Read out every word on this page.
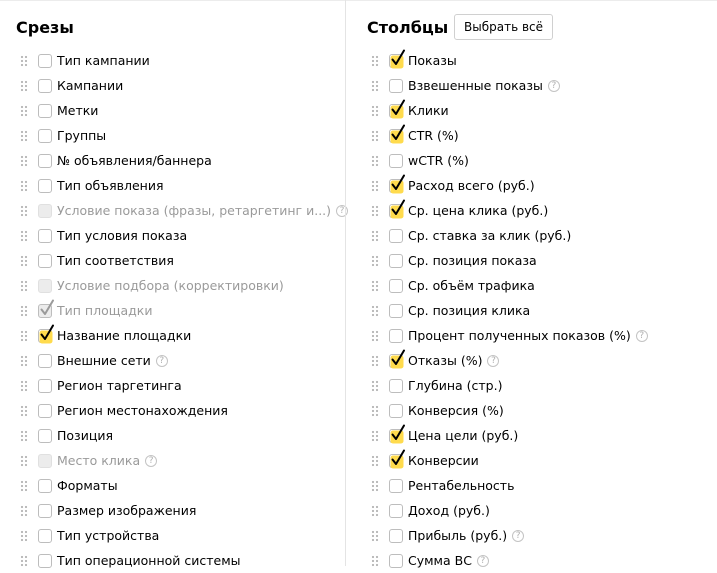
Срезы
Тип кампании
Кампании
Метки
Группы
№ объявления/баннера
Тип объявления
Условие показа (фразы, ретаргетинг и...) ?
Тип условия показа
Тип соответствия
Условие подбора (корректировки)
Тип площадки
Название площадки
Внешние сети ?
Регион таргетинга
Регион местонахождения
Позиция
Место клика ?
Форматы
Размер изображения
Тип устройства
Тип операционной системы
Столбцы	Выбрать всё
Показы
Взвешенные показы ?
Клики
CTR (%)
wCTR (%)
Расход всего (руб.)
Ср. цена клика (руб.)
Ср. ставка за клик (руб.)
Ср. позиция показа
Ср. объём трафика
Ср. позиция клика
Процент полученных показов (%) ?
Отказы (%) ?
Глубина (стр.)
Конверсия (%)
Цена цели (руб.)
Конверсии
Рентабельность
Доход (руб.)
Прибыль (руб.) ?
Сумма ВС ?
